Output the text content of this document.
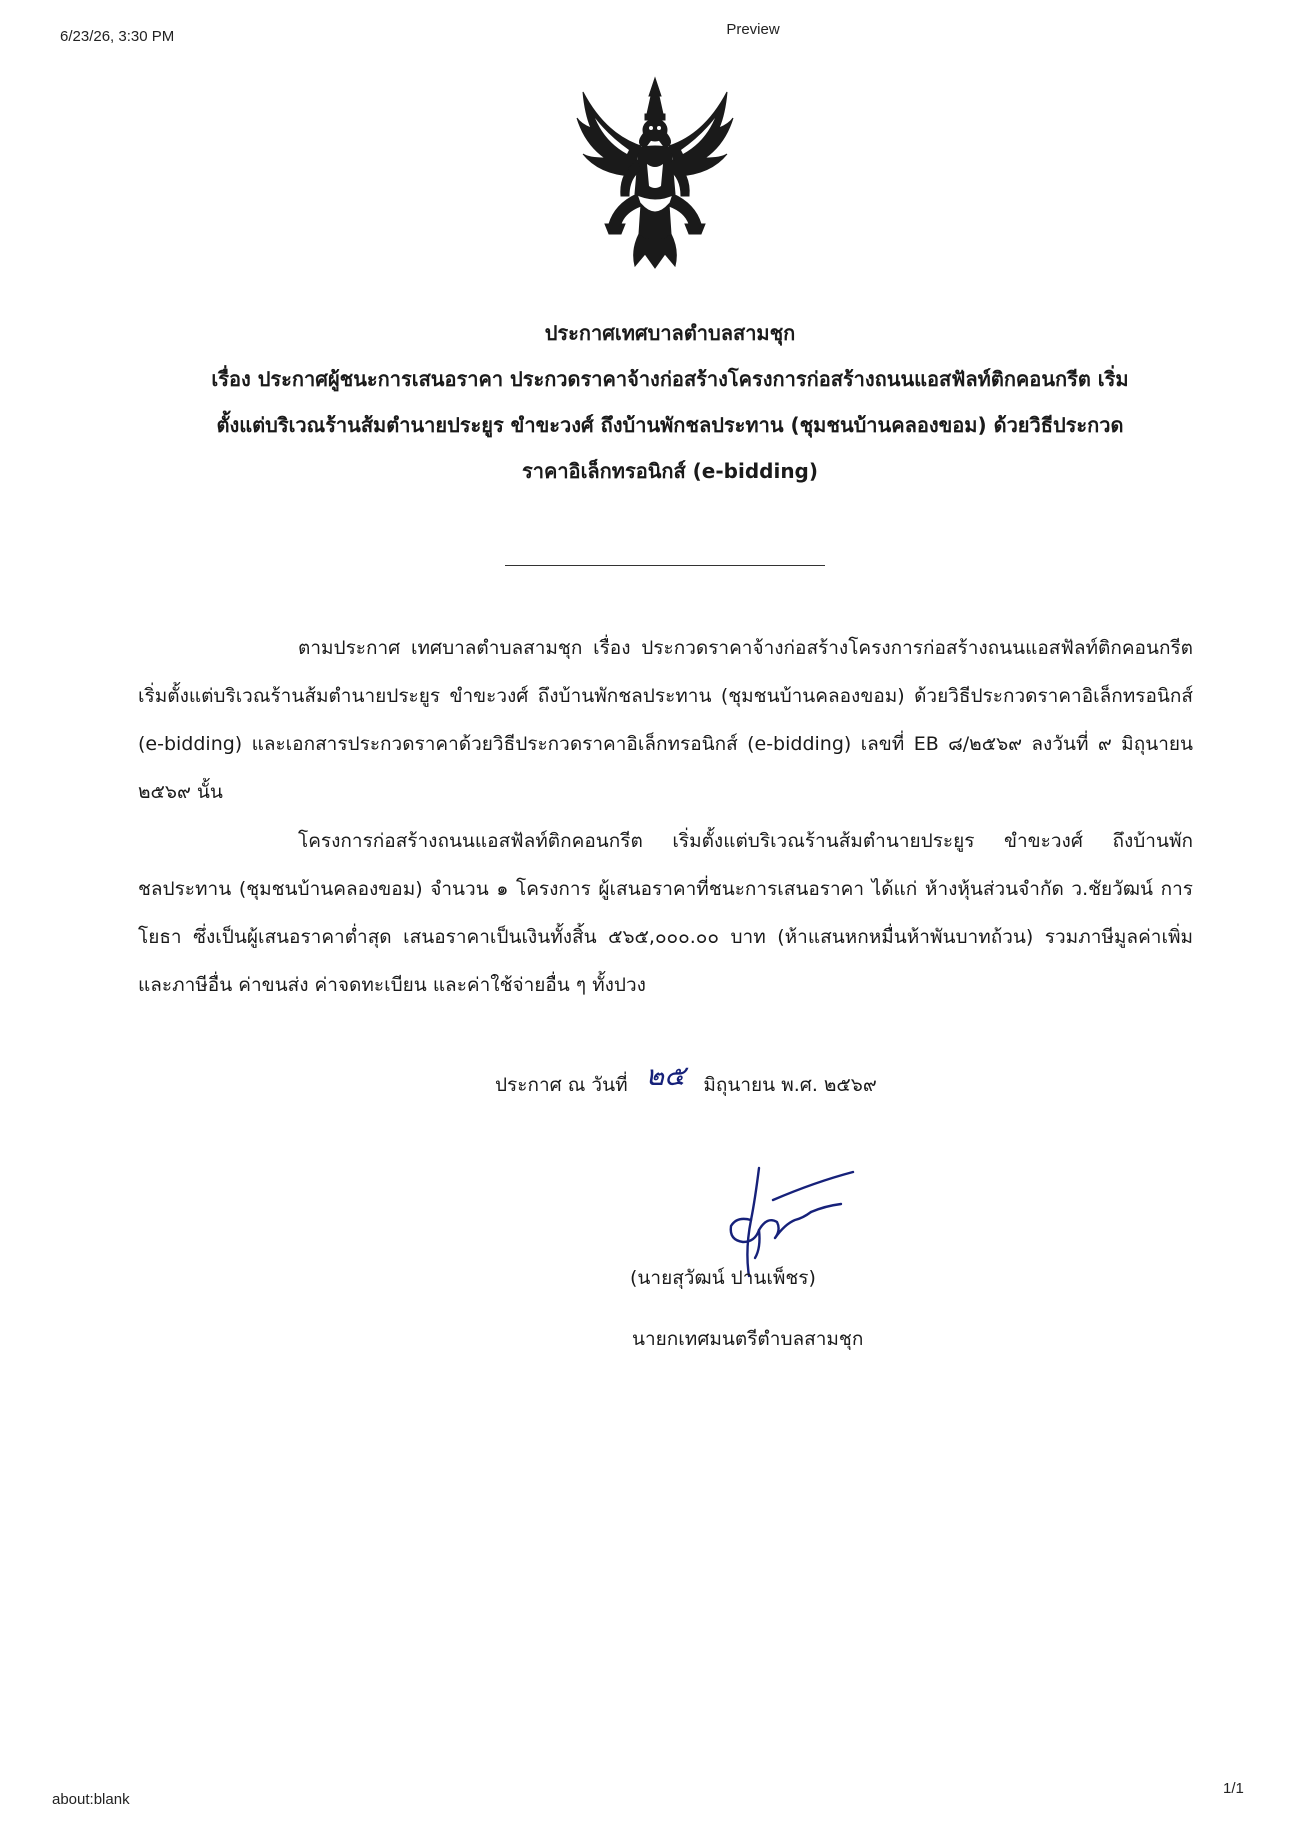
6/23/26, 3:30 PM	Preview
about:blank
1/1
ประกาศเทศบาลตำบลสามชุก
เรื่อง ประกาศผู้ชนะการเสนอราคา ประกวดราคาจ้างก่อสร้างโครงการก่อสร้างถนนแอสฟัลท์ติกคอนกรีต เริ่ม
ตั้งแต่บริเวณร้านส้มตำนายประยูร ขำขะวงศ์ ถึงบ้านพักชลประทาน (ชุมชนบ้านคลองขอม) ด้วยวิธีประกวด
ราคาอิเล็กทรอนิกส์ (e-bidding)
ตามประกาศ เทศบาลตำบลสามชุก เรื่อง ประกวดราคาจ้างก่อสร้างโครงการก่อสร้างถนนแอสฟัลท์ติกคอนกรีต เริ่มตั้งแต่บริเวณร้านส้มตำนายประยูร ขำขะวงศ์ ถึงบ้านพักชลประทาน (ชุมชนบ้านคลองขอม) ด้วยวิธีประกวดราคาอิเล็กทรอนิกส์ (e-bidding) และเอกสารประกวดราคาด้วยวิธีประกวดราคาอิเล็กทรอนิกส์ (e-bidding) เลขที่ EB ๘/๒๕๖๙ ลงวันที่ ๙ มิถุนายน ๒๕๖๙ นั้น
โครงการก่อสร้างถนนแอสฟัลท์ติกคอนกรีต เริ่มตั้งแต่บริเวณร้านส้มตำนายประยูร ขำขะวงศ์ ถึงบ้านพักชลประทาน (ชุมชนบ้านคลองขอม) จำนวน ๑ โครงการ ผู้เสนอราคาที่ชนะการเสนอราคา ได้แก่ ห้างหุ้นส่วนจำกัด ว.ชัยวัฒน์ การโยธา ซึ่งเป็นผู้เสนอราคาต่ำสุด เสนอราคาเป็นเงินทั้งสิ้น ๕๖๕,๐๐๐.๐๐ บาท (ห้าแสนหกหมื่นห้าพันบาทถ้วน) รวมภาษีมูลค่าเพิ่มและภาษีอื่น ค่าขนส่ง ค่าจดทะเบียน และค่าใช้จ่ายอื่น ๆ ทั้งปวง
ประกาศ ณ วันที่ ๒๕ มิถุนายน พ.ศ. ๒๕๖๙
(นายสุวัฒน์ ปานเพ็ชร)
นายกเทศมนตรีตำบลสามชุก
